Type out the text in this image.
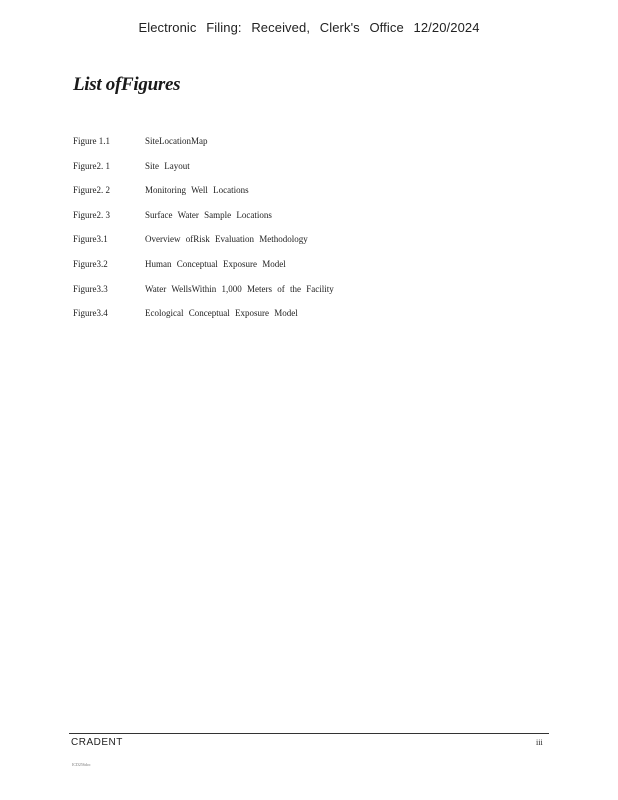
Electronic Filing: Received, Clerk's Office 12/20/2024
List ofFigures
Figure 1.1	SiteLocationMap
Figure2. 1	Site Layout
Figure2. 2	Monitoring Well Locations
Figure2. 3	Surface Water Sample Locations
Figure3.1	Overview ofRisk Evaluation Methodology
Figure3.2	Human Conceptual Exposure Model
Figure3.3	Water WellsWithin 1,000 Meters of the Facility
Figure3.4	Ecological Conceptual Exposure Model
CRADENT	iii
ICD256doc
